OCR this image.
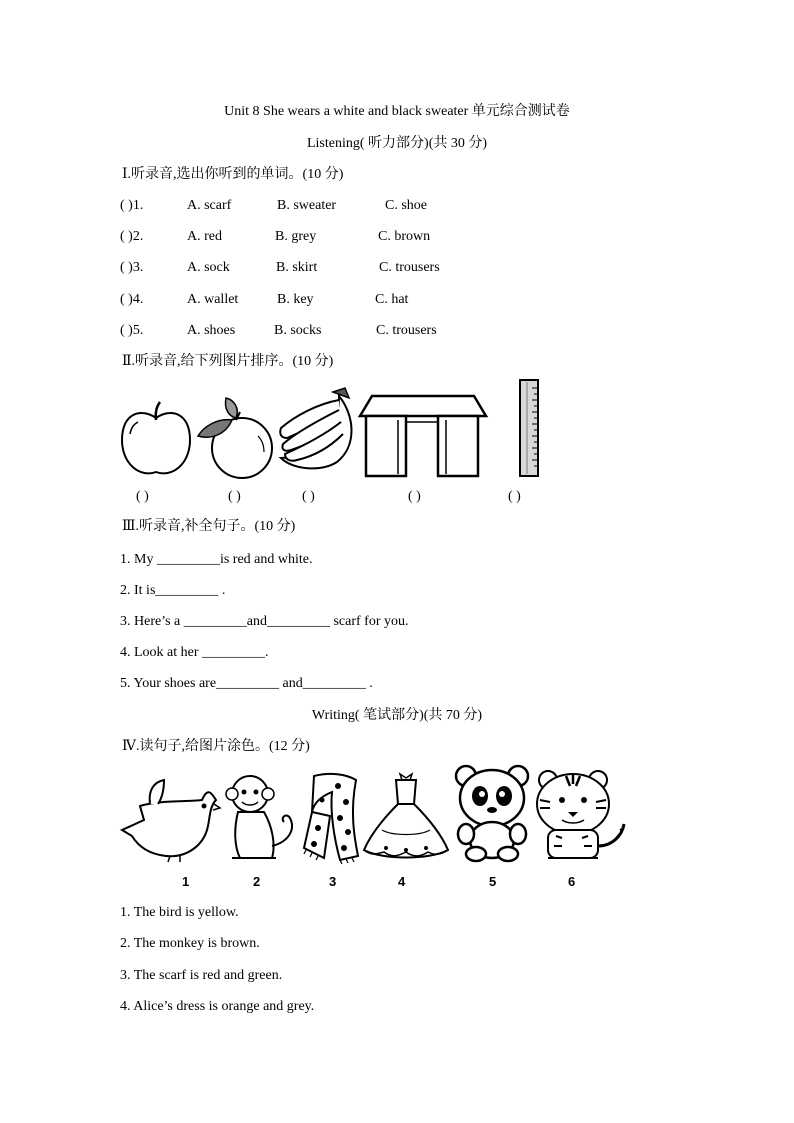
Unit 8 She wears a white and black sweater 单元综合测试卷
Listening( 听力部分)(共 30 分)
Ⅰ.听录音,选出你听到的单词。(10 分)
( )1.	A. scarf	B. sweater	C. shoe
( )2.	A. red	B. grey	C. brown
( )3.	A. sock	B. skirt	C. trousers
( )4.	A. wallet	B. key	C. hat
( )5.	A. shoes	B. socks	C. trousers
Ⅱ.听录音,给下列图片排序。(10 分)
( )	( )	( )	( )	( )
Ⅲ.听录音,补全句子。(10 分)
1. My _________is red and white.
2. It is_________ .
3. Here’s a _________and_________ scarf for you.
4. Look at her _________.
5. Your shoes are_________ and_________ .
Writing( 笔试部分)(共 70 分)
Ⅳ.读句子,给图片涂色。(12 分)
1	2	3	4	5	6
1. The bird is yellow.
2. The monkey is brown.
3. The scarf is red and green.
4. Alice’s dress is orange and grey.
